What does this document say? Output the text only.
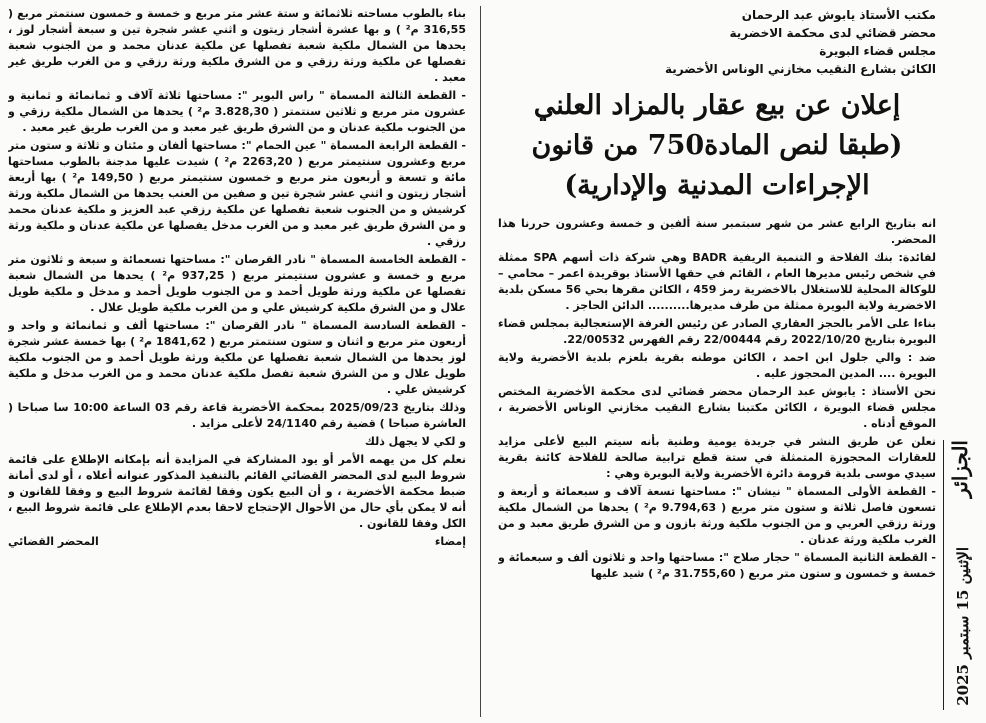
مكتب الأستاذ يابوش عبد الرحمان
محضر قضائي لدى محكمة الاخضرية
مجلس قضاء البويرة
الكائن بشارع النقيب مخازني الوناس الأخضرية
إعلان عن بيع عقار بالمزاد العلني
(طبقا لنص المادة750 من قانون
الإجراءات المدنية والإدارية)

انه بتاريخ الرابع عشر من شهر سبتمبر سنة ألفين و خمسة وعشرون حررنا هذا المحضر.

لفائدة: بنك الفلاحة و التنمية الريفية BADR وهي شركة ذات أسهم SPA ممثلة في شخص رئيس مديرها العام ، القائم في حقها الأستاذ بوقريدة اعمر – محامي – للوكالة المحلية للاستغلال بالاخضرية رمز 459 ، الكائن مقرها بحي 56 مسكن بلدية الاخضرية ولاية البويرة ممثلة من طرف مديرها.......... الدائن الحاجز .

بناءا على الأمر بالحجز العقاري الصادر عن رئيس الغرفة الإستعجالية بمجلس قضاء البويرة بتاريخ 2022/10/20 رقم 22/00444 رقم الفهرس 22/00532.

ضد : والي جلول ابن احمد ، الكائن موطنه بقرية بلعزم بلدية الأخضرية ولاية البويرة .... المدين المحجوز عليه .

نحن الأستاذ : يابوش عبد الرحمان محضر قضائي لدى محكمة الأخضرية المختص مجلس قضاء البويرة ، الكائن مكتبنا بشارع النقيب مخازني الوناس الأخضرية ، الموقع أدناه .

نعلن عن طريق النشر في جريدة يومية وطنية بأنه سيتم البيع لأعلى مزايد للعقارات المحجوزة المتمثلة في ستة قطع ترابية صالحة للفلاحة كائنة بقرية سيدي موسى بلدية قرومة دائرة الأخضرية ولاية البويرة وهي :

- القطعة الأولى المسماة " نيشان ": مساحتها تسعة آلاف و سبعمائة و أربعة و تسعون فاصل ثلاثة و ستون متر مربع ( 9.794,63 م² ) يحدها من الشمال ملكية ورثة رزقي العربي و من الجنوب ملكية ورثة بازون و من الشرق طريق معبد و من الغرب ملكية ورثة عدنان .

- القطعة الثانية المسماة " حجار صلاح ": مساحتها واحد و ثلاثون ألف و سبعمائة و خمسة و خمسون و ستون متر مربع ( 31.755,60 م² ) شيد عليها

بناء بالطوب مساحته ثلاثمائة و ستة عشر متر مربع و خمسة و خمسون سنتمتر مربع ( 316,55 م² ) و بها عشرة أشجار زيتون و اثني عشر شجرة تين و سبعة أشجار لوز ، يحدها من الشمال ملكية شعبة تفصلها عن ملكية عدنان محمد و من الجنوب شعبة تفصلها عن ملكية ورثة رزقي و من الشرق ملكية ورثة رزقي و من الغرب طريق غير معبد .

- القطعة الثالثة المسماة " راس البوير ": مساحتها ثلاثة آلاف و ثمانمائة و ثمانية و عشرون متر مربع و ثلاثين سنتمتر ( 3.828,30 م² ) يحدها من الشمال ملكية رزقي و من الجنوب ملكية عدنان و من الشرق طريق غير معبد و من الغرب طريق غير معبد .

- القطعة الرابعة المسماة " عين الحمام ": مساحتها ألفان و مئتان و ثلاثة و ستون متر مربع وعشرون سنتيمتر مربع ( 2263,20 م² ) شيدت عليها مدجنة بالطوب مساحتها مائة و تسعة و أربعون متر مربع و خمسون سنتيمتر مربع ( 149,50 م² ) بها أربعة أشجار زيتون و اثني عشر شجرة تين و صفين من العنب يحدها من الشمال ملكية ورثة كرشيش و من الجنوب شعبة تفصلها عن ملكية رزقي عبد العزيز و ملكية عدنان محمد و من الشرق طريق غير معبد و من الغرب مدخل يفصلها عن ملكية عدنان و ملكية ورثة رزقي .

- القطعة الخامسة المسماة " نادر القرصان ": مساحتها تسعمائة و سبعة و ثلاثون متر مربع و خمسة و عشرون سنتيمتر مربع ( 937,25 م² ) يحدها من الشمال شعبة تفصلها عن ملكية ورثة طويل أحمد و من الجنوب طويل أحمد و مدخل و ملكية طويل علال و من الشرق ملكية كرشيش علي و من الغرب ملكية طويل علال .

- القطعة السادسة المسماة " نادر القرصان ": مساحتها ألف و ثمانمائة و واحد و أربعون متر مربع و اثنان و ستون سنتمتر مربع ( 1841,62 م² ) بها خمسة عشر شجرة لوز يحدها من الشمال شعبة تفصلها عن ملكية ورثة طويل أحمد و من الجنوب ملكية طويل علال و من الشرق شعبة تفصل ملكية عدنان محمد و من الغرب مدخل و ملكية كرشيش علي .

وذلك بتاريخ 2025/09/23 بمحكمة الأخضرية قاعة رقم 03 الساعة 10:00 سا صباحا ( العاشرة صباحا ) قضية رقم 24/1140 لأعلى مزايد .

و لكي لا يجهل ذلك

نعلم كل من يهمه الأمر أو يود المشاركة في المزايدة أنه بإمكانه الإطلاع على قائمة شروط البيع لدى المحضر القضائي القائم بالتنفيذ المذكور عنوانه أعلاه ، أو لدى أمانة ضبط محكمة الأخضرية ، و أن البيع يكون وفقا لقائمة شروط البيع و وفقا للقانون و أنه لا يمكن بأي حال من الأحوال الإحتجاج لاحقا بعدم الإطلاع على قائمة شروط البيع ، الكل وفقا للقانون .

إمضاء
المحضر القضائي
الجزائر
الإثنين 15 سبتمبر 2025
